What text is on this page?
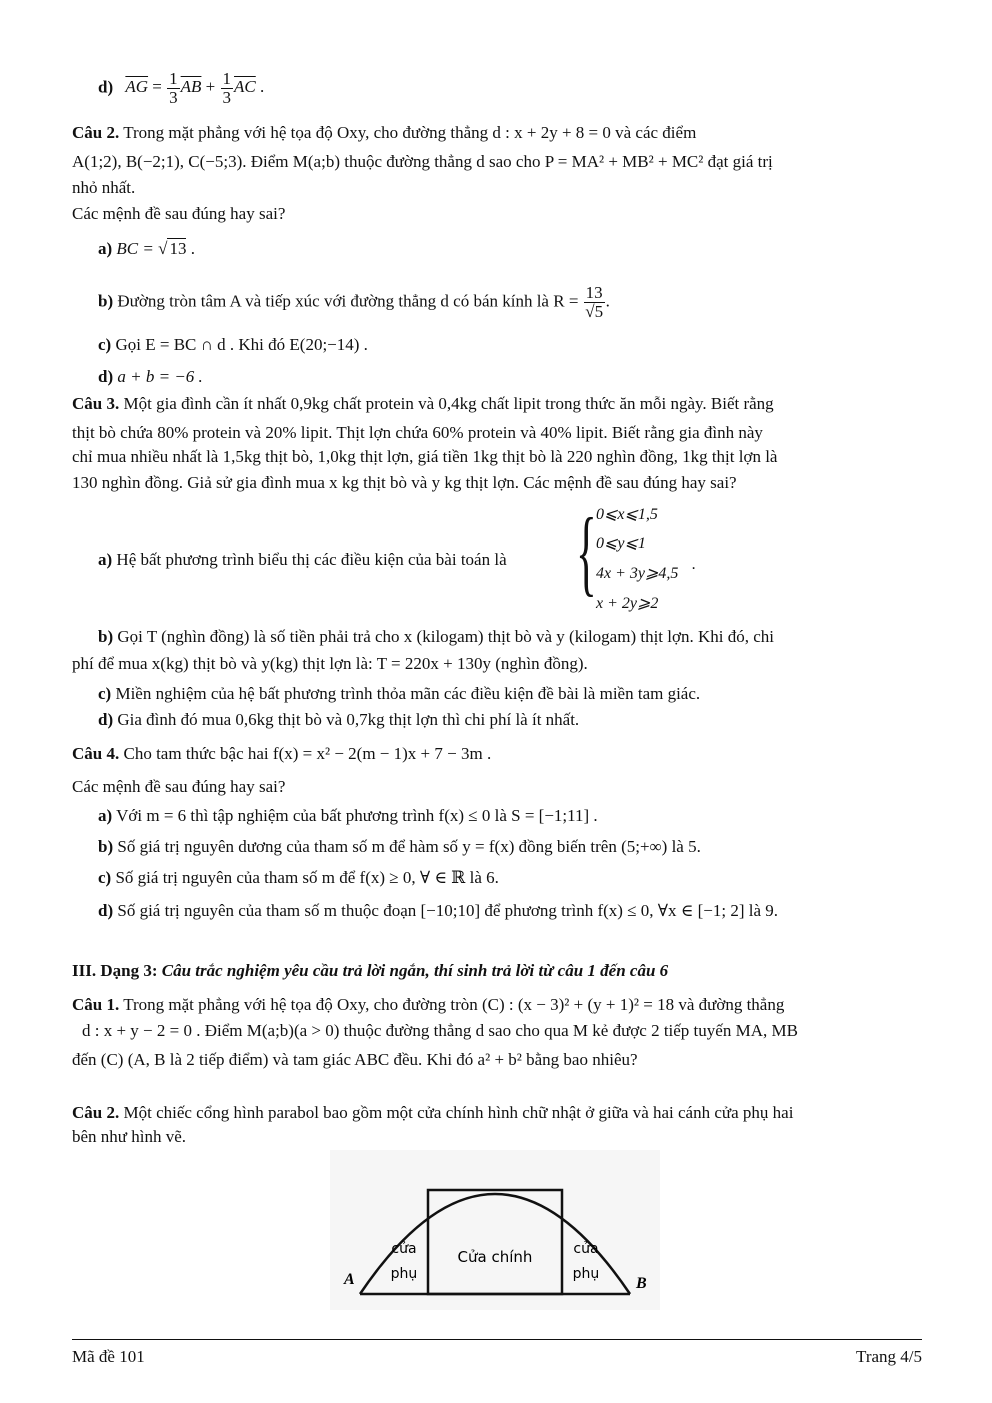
d) $\overline{AG} = \frac{1}{3} \overline{AB} + \frac{1}{3} \overline{AC}$ .
Câu 2. Trong mặt phẳng với hệ tọa độ Oxy, cho đường thẳng d : x + 2y + 8 = 0 và các điểm
A(1;2), B(−2;1), C(−5;3). Điểm M(a;b) thuộc đường thẳng d sao cho P = MA² + MB² + MC² đạt giá trị
nhỏ nhất.
Các mệnh đề sau đúng hay sai?
a) BC = √ 13 .
b) Đường tròn tâm A và tiếp xúc với đường thẳng d có bán kính là $R = \frac{13}{√5}$ .
c) Gọi E = BC ∩ d . Khi đó E(20;−14) .
d) a + b = −6 .
Câu 3. Một gia đình cần ít nhất 0,9kg chất protein và 0,4kg chất lipit trong thức ăn mỗi ngày. Biết rằng
thịt bò chứa 80% protein và 20% lipit. Thịt lợn chứa 60% protein và 40% lipit. Biết rằng gia đình này
chỉ mua nhiều nhất là 1,5kg thịt bò, 1,0kg thịt lợn, giá tiền 1kg thịt bò là 220 nghìn đồng, 1kg thịt lợn là
130 nghìn đồng. Giả sử gia đình mua x kg thịt bò và y kg thịt lợn. Các mệnh đề sau đúng hay sai?
a) Hệ bất phương trình biểu thị các điều kiện của bài toán là { 0⩽x⩽1,5
0⩽y⩽1
4x + 3y⩾4,5
x + 2y⩾2
.
b) Gọi T (nghìn đồng) là số tiền phải trả cho x (kilogam) thịt bò và y (kilogam) thịt lợn. Khi đó, chi
phí để mua x(kg) thịt bò và y(kg) thịt lợn là: T = 220x + 130y (nghìn đồng).
c) Miền nghiệm của hệ bất phương trình thỏa mãn các điều kiện đề bài là miền tam giác.
d) Gia đình đó mua 0,6kg thịt bò và 0,7kg thịt lợn thì chi phí là ít nhất.
Câu 4. Cho tam thức bậc hai f(x) = x² − 2(m − 1)x + 7 − 3m .
Các mệnh đề sau đúng hay sai?
a) Với m = 6 thì tập nghiệm của bất phương trình f(x) ≤ 0 là S = [−1;11] .
b) Số giá trị nguyên dương của tham số m để hàm số y = f(x) đồng biến trên (5;+∞) là 5.
c) Số giá trị nguyên của tham số m để f(x) ≥ 0, ∀ ∈ ℝ là 6.
d) Số giá trị nguyên của tham số m thuộc đoạn [−10;10] để phương trình f(x) ≤ 0, ∀x ∈ [−1; 2] là 9.
III. Dạng 3: Câu trắc nghiệm yêu cầu trả lời ngắn, thí sinh trả lời từ câu 1 đến câu 6
Câu 1. Trong mặt phẳng với hệ tọa độ Oxy, cho đường tròn (C) : (x − 3)² + (y + 1)² = 18 và đường thẳng
d : x + y − 2 = 0 . Điểm M(a;b)(a > 0) thuộc đường thẳng d sao cho qua M kẻ được 2 tiếp tuyến MA, MB
đến (C) (A, B là 2 tiếp điểm) và tam giác ABC đều. Khi đó a² + b² bằng bao nhiêu?
Câu 2. Một chiếc cổng hình parabol bao gồm một cửa chính hình chữ nhật ở giữa và hai cánh cửa phụ hai
bên như hình vẽ.
Cửa chính
cửa
phụ
cửa
phụ
A	B
Mã đề 101	Trang 4/5
